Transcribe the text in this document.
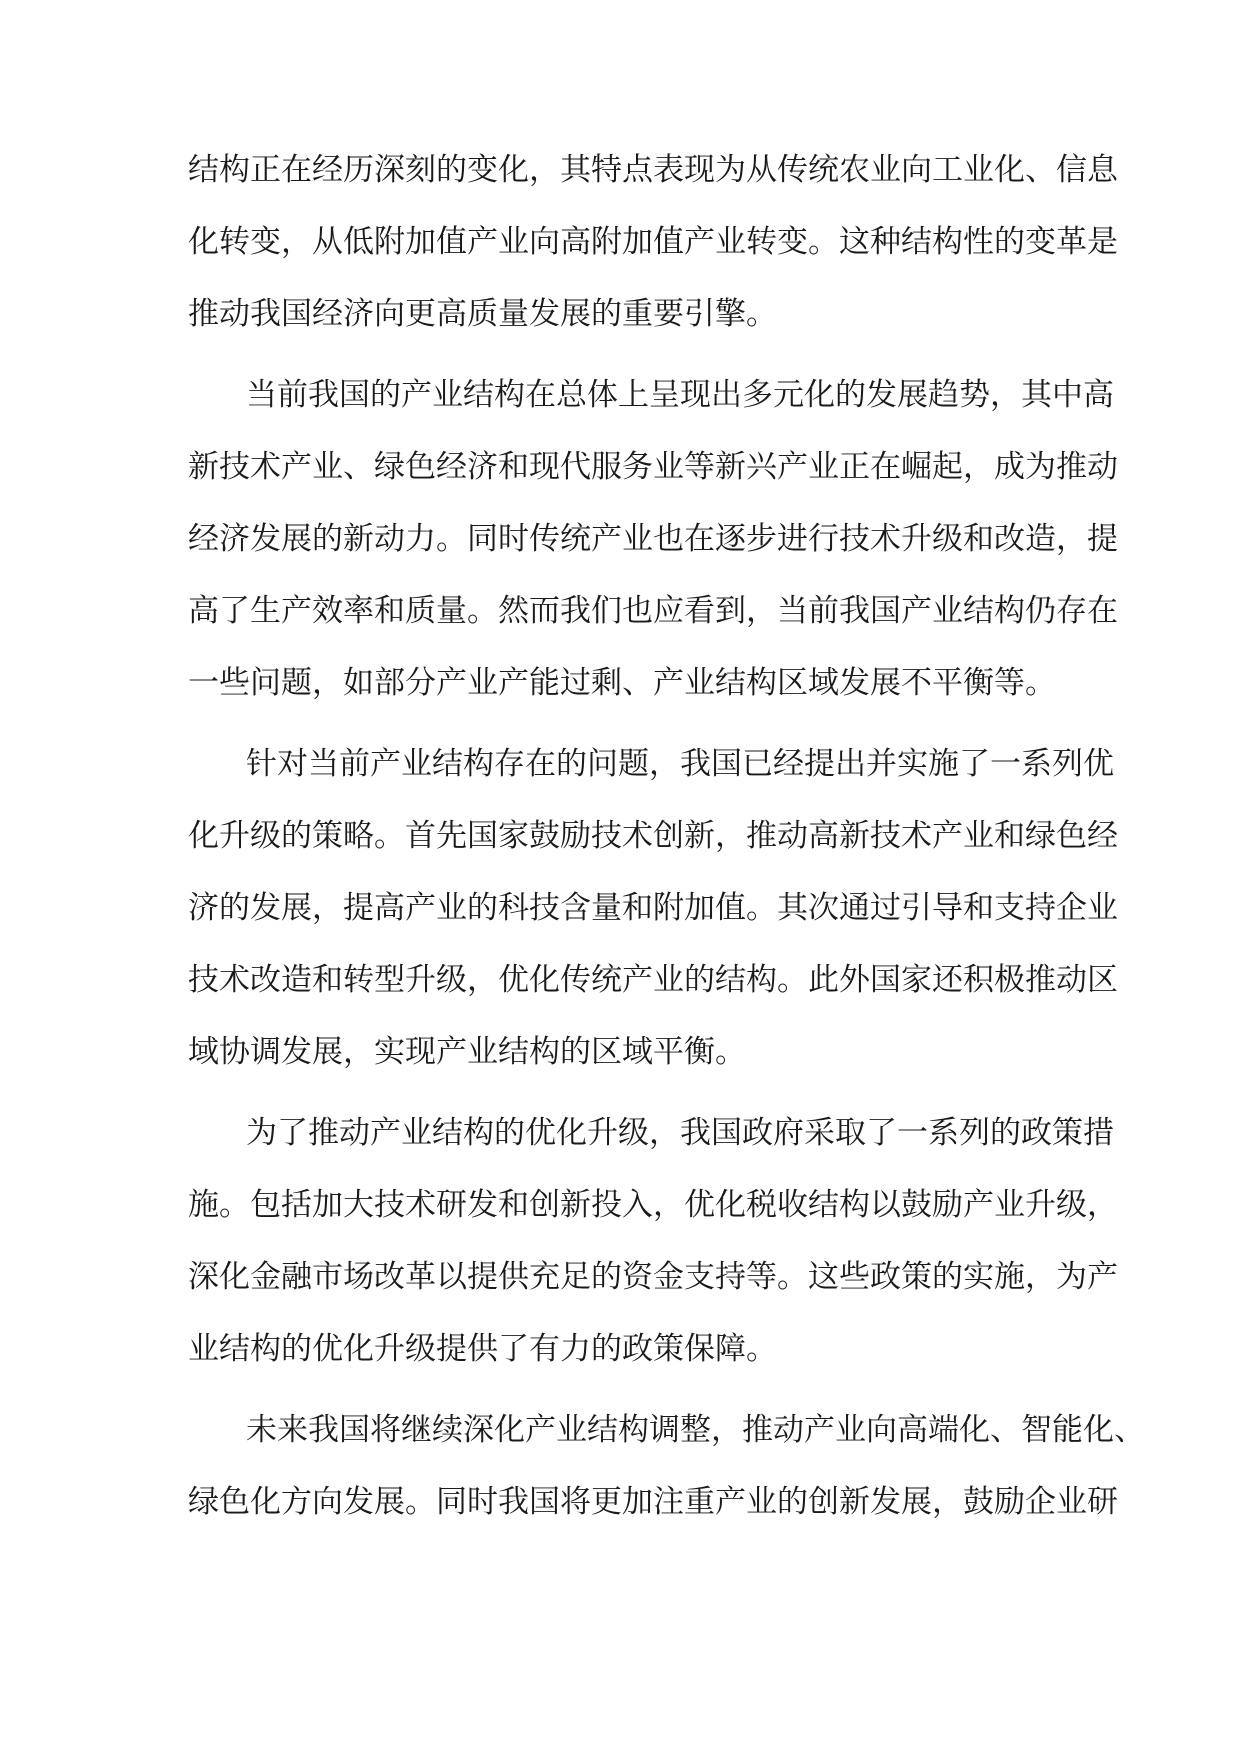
结构正在经历深刻的变化，其特点表现为从传统农业向工业化、信息
化转变，从低附加值产业向高附加值产业转变。这种结构性的变革是
推动我国经济向更高质量发展的重要引擎。
当前我国的产业结构在总体上呈现出多元化的发展趋势，其中高
新技术产业、绿色经济和现代服务业等新兴产业正在崛起，成为推动
经济发展的新动力。同时传统产业也在逐步进行技术升级和改造，提
高了生产效率和质量。然而我们也应看到，当前我国产业结构仍存在
一些问题，如部分产业产能过剩、产业结构区域发展不平衡等。
针对当前产业结构存在的问题，我国已经提出并实施了一系列优
化升级的策略。首先国家鼓励技术创新，推动高新技术产业和绿色经
济的发展，提高产业的科技含量和附加值。其次通过引导和支持企业
技术改造和转型升级，优化传统产业的结构。此外国家还积极推动区
域协调发展，实现产业结构的区域平衡。
为了推动产业结构的优化升级，我国政府采取了一系列的政策措
施。包括加大技术研发和创新投入，优化税收结构以鼓励产业升级，
深化金融市场改革以提供充足的资金支持等。这些政策的实施，为产
业结构的优化升级提供了有力的政策保障。
未来我国将继续深化产业结构调整，推动产业向高端化、智能化、
绿色化方向发展。同时我国将更加注重产业的创新发展，鼓励企业研
